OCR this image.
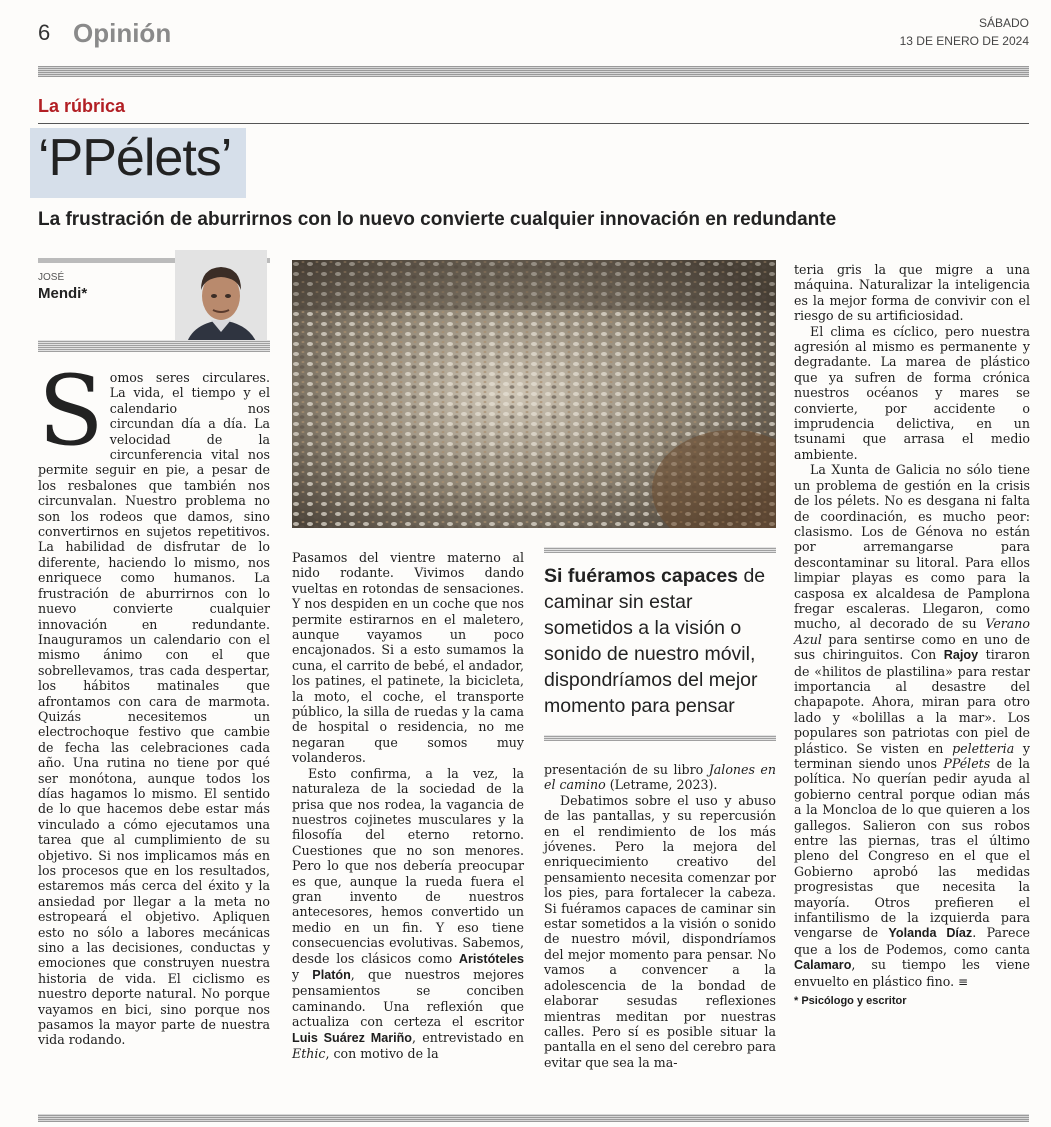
6 Opinión	SÁBADO
13 DE ENERO DE 2024
La rúbrica
‘PPélets’
La frustración de aburrirnos con lo nuevo convierte cualquier innovación en redundante
JOSÉ
Mendi*
S omos seres circulares. La vida, el tiempo y el calendario nos circundan día a día. La velocidad de la circunferencia vital nos permite seguir en pie, a pesar de los resbalones que también nos circunvalan. Nuestro problema no son los rodeos que damos, sino convertirnos en sujetos repetitivos. La habilidad de disfrutar de lo diferente, haciendo lo mismo, nos enriquece como humanos. La frustración de aburrirnos con lo nuevo convierte cualquier innovación en redundante. Inauguramos un calendario con el mismo ánimo con el que sobrellevamos, tras cada despertar, los hábitos matinales que afrontamos con cara de marmota. Quizás necesitemos un electrochoque festivo que cambie de fecha las celebraciones cada año. Una rutina no tiene por qué ser monótona, aunque todos los días hagamos lo mismo. El sentido de lo que hacemos debe estar más vinculado a cómo ejecutamos una tarea que al cumplimiento de su objetivo. Si nos implicamos más en los procesos que en los resultados, estaremos más cerca del éxito y la ansiedad por llegar a la meta no estropeará el objetivo. Apliquen esto no sólo a labores mecánicas sino a las decisiones, conductas y emociones que construyen nuestra historia de vida. El ciclismo es nuestro deporte natural. No porque vayamos en bici, sino porque nos pasamos la mayor parte de nuestra vida rodando.

Pasamos del vientre materno al nido rodante. Vivimos dando vueltas en rotondas de sensaciones. Y nos despiden en un coche que nos permite estirarnos en el maletero, aunque vayamos un poco encajonados. Si a esto sumamos la cuna, el carrito de bebé, el andador, los patines, el patinete, la bicicleta, la moto, el coche, el transporte público, la silla de ruedas y la cama de hospital o residencia, no me negaran que somos muy volanderos.

Esto confirma, a la vez, la naturaleza de la sociedad de la prisa que nos rodea, la vagancia de nuestros cojinetes musculares y la filosofía del eterno retorno. Cuestiones que no son menores. Pero lo que nos debería preocupar es que, aunque la rueda fuera el gran invento de nuestros antecesores, hemos convertido un medio en un fin. Y eso tiene consecuencias evolutivas. Sabemos, desde los clásicos como Aristóteles y Platón, que nuestros mejores pensamientos se conciben caminando. Una reflexión que actualiza con certeza el escritor Luis Suárez Mariño, entrevistado en Ethic, con motivo de la

Si fuéramos capaces de caminar sin estar sometidos a la visión o sonido de nuestro móvil, dispondríamos del mejor momento para pensar

presentación de su libro Jalones en el camino (Letrame, 2023).

Debatimos sobre el uso y abuso de las pantallas, y su repercusión en el rendimiento de los más jóvenes. Pero la mejora del enriquecimiento creativo del pensamiento necesita comenzar por los pies, para fortalecer la cabeza. Si fuéramos capaces de caminar sin estar sometidos a la visión o sonido de nuestro móvil, dispondríamos del mejor momento para pensar. No vamos a convencer a la adolescencia de la bondad de elaborar sesudas reflexiones mientras meditan por nuestras calles. Pero sí es posible situar la pantalla en el seno del cerebro para evitar que sea la ma-

teria gris la que migre a una máquina. Naturalizar la inteligencia es la mejor forma de convivir con el riesgo de su artificiosidad.

El clima es cíclico, pero nuestra agresión al mismo es permanente y degradante. La marea de plástico que ya sufren de forma crónica nuestros océanos y mares se convierte, por accidente o imprudencia delictiva, en un tsunami que arrasa el medio ambiente.

La Xunta de Galicia no sólo tiene un problema de gestión en la crisis de los pélets. No es desgana ni falta de coordinación, es mucho peor: clasismo. Los de Génova no están por arremangarse para descontaminar su litoral. Para ellos limpiar playas es como para la casposa ex alcaldesa de Pamplona fregar escaleras. Llegaron, como mucho, al decorado de su Verano Azul para sentirse como en uno de sus chiringuitos. Con Rajoy tiraron de «hilitos de plastilina» para restar importancia al desastre del chapapote. Ahora, miran para otro lado y «bolillas a la mar». Los populares son patriotas con piel de plástico. Se visten en peletteria y terminan siendo unos PPélets de la política. No querían pedir ayuda al gobierno central porque odian más a la Moncloa de lo que quieren a los gallegos. Salieron con sus robos entre las piernas, tras el último pleno del Congreso en el que el Gobierno aprobó las medidas progresistas que necesita la mayoría. Otros prefieren el infantilismo de la izquierda para vengarse de Yolanda Díaz. Parece que a los de Podemos, como canta Calamaro, su tiempo les viene envuelto en plástico fino. ≡

* Psicólogo y escritor
